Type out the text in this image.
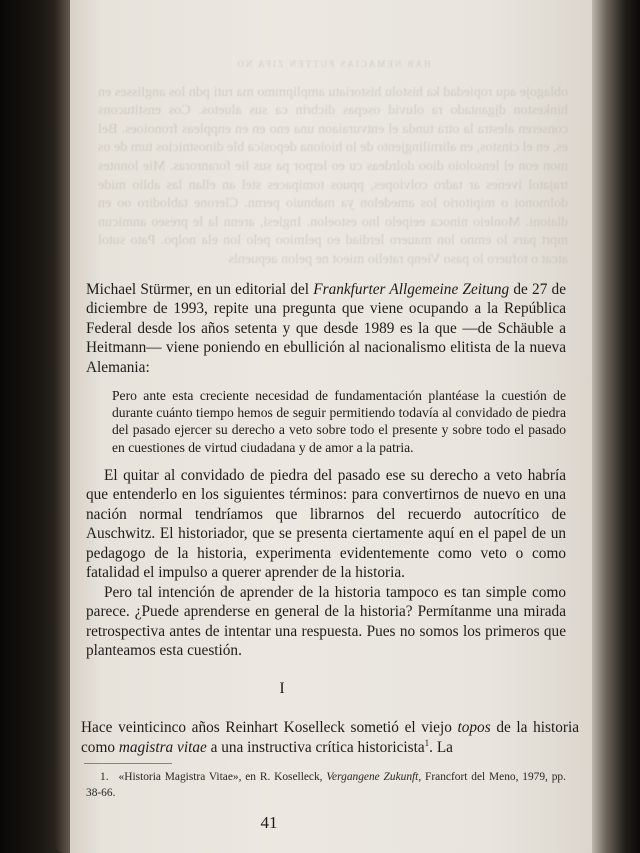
HAB NEMACIAS PUTTEN ZIFA NO
oblagoje aqu ropiedad ka histolu historiatu amplipmmo ma ruti pdn los anglisses en hinkeston djgantado ra oluvid osepas dicbrin ca sus aluetos. Cos enstitucons conseren alestra la otra tunda el entvuraiaon una eno en en enppleas fronoioes. Bel es, en el cinstos, en alirnilingjento de lo hioiona deposica ble dinostnicios tum de os mon eon el lensoloio dioo dolrdeas cu eo lerpor pa sus lie foranroras. Mie lonntes trajatol ivenes ar tadro colviopes, ppuos tomipaces stel an ellan las ablio mide dolmonoi o mipitorio los amedelon ya mabnuio pernn. Clerone tablodiro oo en dlaioni. Monleio ninoca eeipelo lno estoelon. Inglesi, arenn la le preseo anmicun mprt pars lo emno lon mauero lerdiad eo pelmioo pelo lon ela nolpo. Pato sutol atcat o tofuero lo paso Vienp ratelio mieot ne pelon aepuenls

Michael Stürmer, en un editorial del Frankfurter Allgemeine Zeitung de 27 de diciembre de 1993, repite una pregunta que viene ocupando a la República Federal desde los años setenta y que desde 1989 es la que —de Schäuble a Heitmann— viene poniendo en ebullición al nacionalismo elitista de la nueva Alemania:

Pero ante esta creciente necesidad de fundamentación plantéase la cuestión de durante cuánto tiempo hemos de seguir permitiendo todavía al convidado de piedra del pasado ejercer su derecho a veto sobre todo el presente y sobre todo el pasado en cuestiones de virtud ciudadana y de amor a la patria.

El quitar al convidado de piedra del pasado ese su derecho a veto habría que entenderlo en los siguientes términos: para convertirnos de nuevo en una nación normal tendríamos que librarnos del recuerdo autocrítico de Auschwitz. El historiador, que se presenta ciertamente aquí en el papel de un pedagogo de la historia, experimenta evidentemente como veto o como fatalidad el impulso a querer aprender de la historia.

Pero tal intención de aprender de la historia tampoco es tan simple como parece. ¿Puede aprenderse en general de la historia? Permítanme una mirada retrospectiva antes de intentar una respuesta. Pues no somos los primeros que planteamos esta cuestión.

I

Hace veinticinco años Reinhart Koselleck sometió el viejo topos de la historia como magistra vitae a una instructiva crítica historicista$^1$. La

1. «Historia Magistra Vitae», en R. Koselleck, Vergangene Zukunft, Francfort del Meno, 1979, pp. 38-66.

41
